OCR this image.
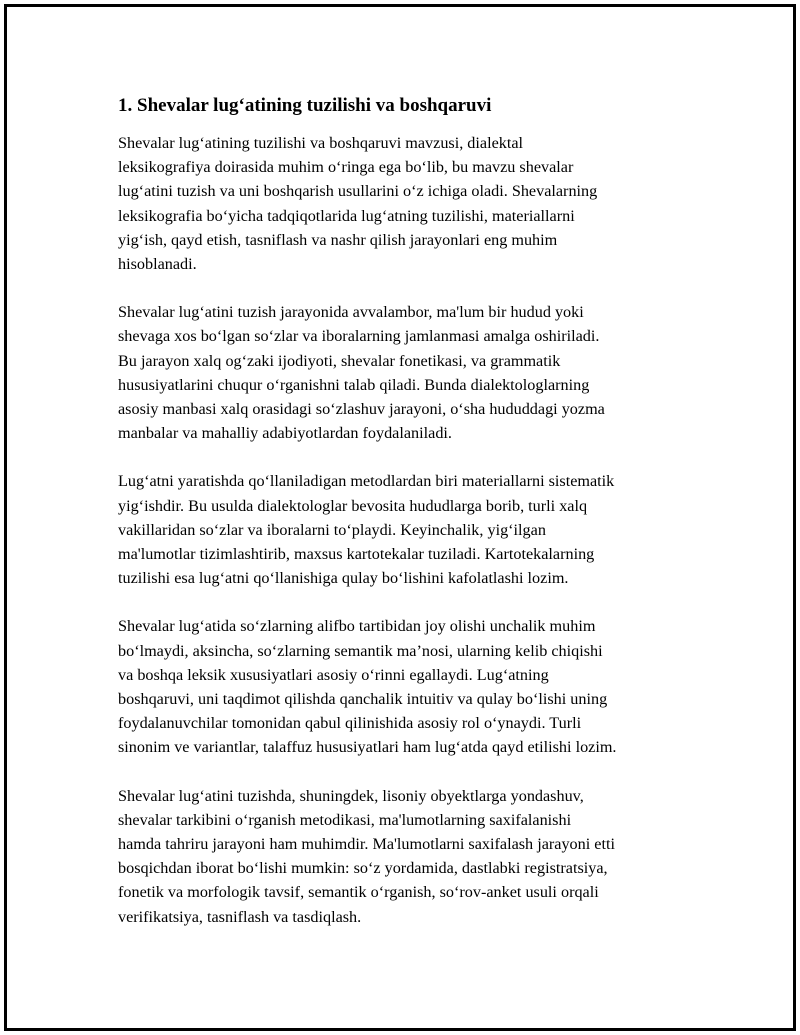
1. Shevalar lug‘atining tuzilishi va boshqaruvi

Shevalar lug‘atining tuzilishi va boshqaruvi mavzusi, dialektal
leksikografiya doirasida muhim o‘ringa ega bo‘lib, bu mavzu shevalar
lug‘atini tuzish va uni boshqarish usullarini o‘z ichiga oladi. Shevalarning
leksikografia bo‘yicha tadqiqotlarida lug‘atning tuzilishi, materiallarni
yig‘ish, qayd etish, tasniflash va nashr qilish jarayonlari eng muhim
hisoblanadi.

Shevalar lug‘atini tuzish jarayonida avvalambor, ma'lum bir hudud yoki
shevaga xos bo‘lgan so‘zlar va iboralarning jamlanmasi amalga oshiriladi.
Bu jarayon xalq og‘zaki ijodiyoti, shevalar fonetikasi, va grammatik
hususiyatlarini chuqur o‘rganishni talab qiladi. Bunda dialektologlarning
asosiy manbasi xalq orasidagi so‘zlashuv jarayoni, o‘sha hududdagi yozma
manbalar va mahalliy adabiyotlardan foydalaniladi.

Lug‘atni yaratishda qo‘llaniladigan metodlardan biri materiallarni sistematik
yig‘ishdir. Bu usulda dialektologlar bevosita hududlarga borib, turli xalq
vakillaridan so‘zlar va iboralarni to‘playdi. Keyinchalik, yig‘ilgan
ma'lumotlar tizimlashtirib, maxsus kartotekalar tuziladi. Kartotekalarning
tuzilishi esa lug‘atni qo‘llanishiga qulay bo‘lishini kafolatlashi lozim.

Shevalar lug‘atida so‘zlarning alifbo tartibidan joy olishi unchalik muhim
bo‘lmaydi, aksincha, so‘zlarning semantik ma’nosi, ularning kelib chiqishi
va boshqa leksik xususiyatlari asosiy o‘rinni egallaydi. Lug‘atning
boshqaruvi, uni taqdimot qilishda qanchalik intuitiv va qulay bo‘lishi uning
foydalanuvchilar tomonidan qabul qilinishida asosiy rol o‘ynaydi. Turli
sinonim ve variantlar, talaffuz hususiyatlari ham lug‘atda qayd etilishi lozim.

Shevalar lug‘atini tuzishda, shuningdek, lisoniy obyektlarga yondashuv,
shevalar tarkibini o‘rganish metodikasi, ma'lumotlarning saxifalanishi
hamda tahriru jarayoni ham muhimdir. Ma'lumotlarni saxifalash jarayoni etti
bosqichdan iborat bo‘lishi mumkin: so‘z yordamida, dastlabki registratsiya,
fonetik va morfologik tavsif, semantik o‘rganish, so‘rov-anket usuli orqali
verifikatsiya, tasniflash va tasdiqlash.
